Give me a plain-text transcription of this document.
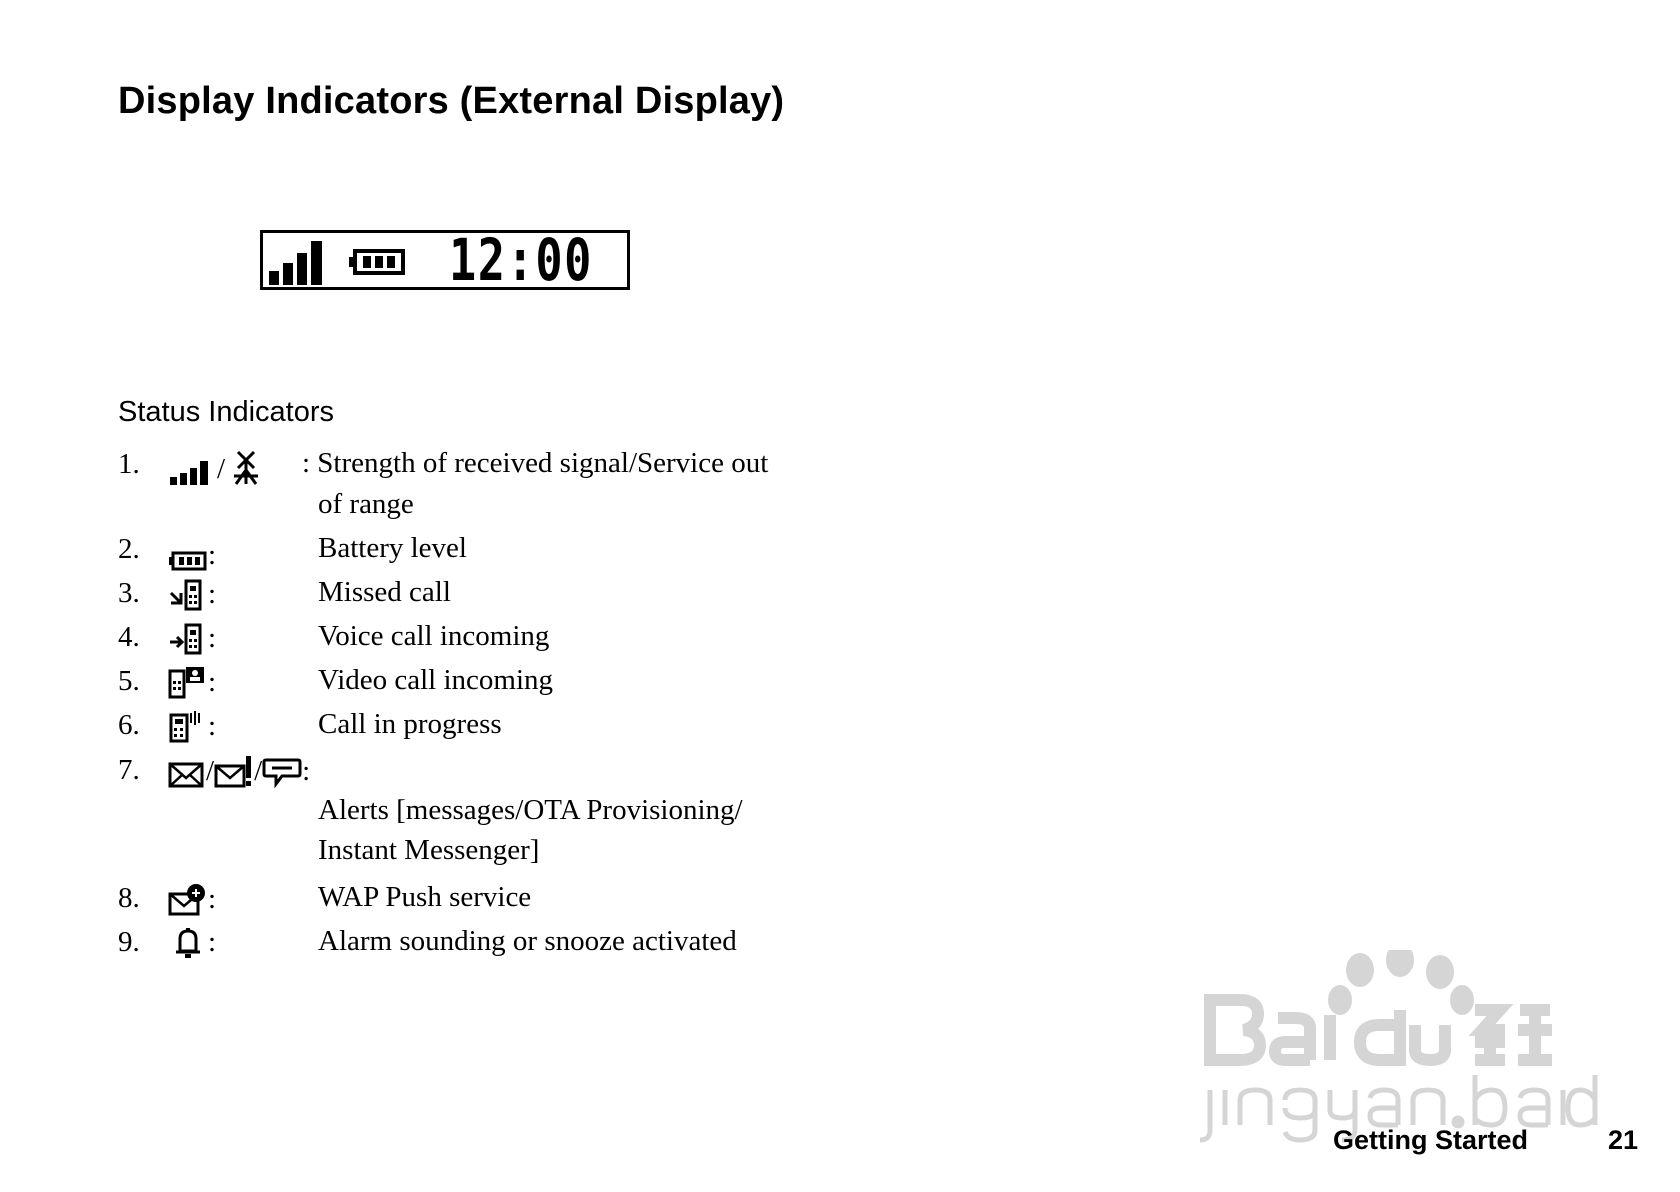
Display Indicators (External Display)
12:00
Status Indicators
1.	/	: Strength of received signal/Service out
of range
2. :	Battery level
3. :	Missed call
4. :	Voice call incoming
5. :	Video call incoming
6. :	Call in progress
7. / / :
Alerts [messages/OTA Provisioning/
Instant Messenger]
8. :	WAP Push service
9. :	Alarm sounding or snooze activated
Getting Started	21
